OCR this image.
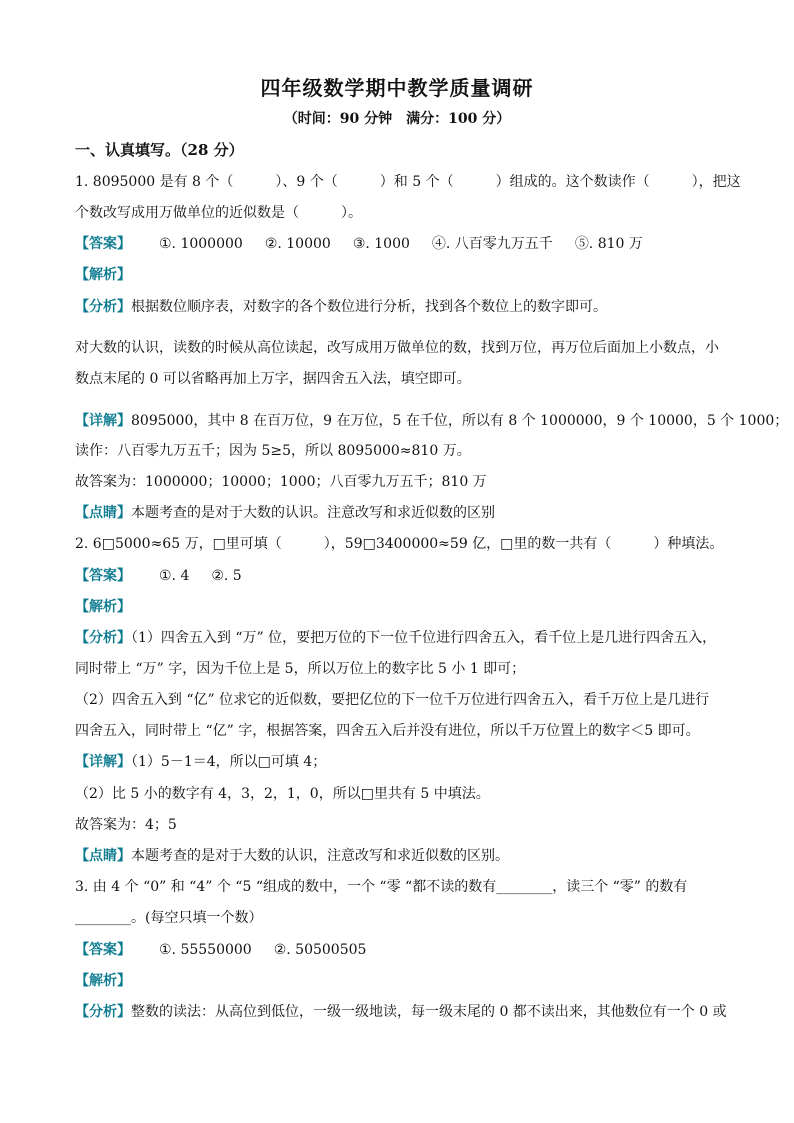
四年级数学期中教学质量调研
（时间：90 分钟　满分：100 分）
一、认真填写。（28 分）
1. 8095000 是有 8 个（　　　）、9 个（　　　）和 5 个（　　　）组成的。这个数读作（　　　），把这
个数改写成用万做单位的近似数是（　　　）。
【答案】 ①. 1000000 ②. 10000 ③. 1000 ④. 八百零九万五千 ⑤. 810 万
【解析】
【分析】根据数位顺序表，对数字的各个数位进行分析，找到各个数位上的数字即可。
对大数的认识，读数的时候从高位读起，改写成用万做单位的数，找到万位，再万位后面加上小数点，小
数点末尾的 0 可以省略再加上万字，据四舍五入法，填空即可。
【详解】8095000，其中 8 在百万位，9 在万位，5 在千位，所以有 8 个 1000000，9 个 10000，5 个 1000；
读作：八百零九万五千；因为 5≥5，所以 8095000≈810 万。
故答案为：1000000；10000；1000；八百零九万五千；810 万
【点睛】本题考查的是对于大数的认识。注意改写和求近似数的区别
2. 6□5000≈65 万，□里可填（　　　），59□3400000≈59 亿，□里的数一共有（　　　）种填法。
【答案】 ①. 4 ②. 5
【解析】
【分析】（1）四舍五入到 “万” 位，要把万位的下一位千位进行四舍五入，看千位上是几进行四舍五入，
同时带上 “万” 字，因为千位上是 5，所以万位上的数字比 5 小 1 即可；
（2）四舍五入到 “亿” 位求它的近似数，要把亿位的下一位千万位进行四舍五入，看千万位上是几进行
四舍五入，同时带上 “亿” 字，根据答案，四舍五入后并没有进位，所以千万位置上的数字＜5 即可。
【详解】（1）5－1＝4，所以□可填 4；
（2）比 5 小的数字有 4，3，2，1，0，所以□里共有 5 中填法。
故答案为：4；5
【点睛】本题考查的是对于大数的认识，注意改写和求近似数的区别。
3. 由 4 个 “0” 和 “4” 个 “5 “组成的数中，一个 “零 “都不读的数有________，读三个 “零” 的数有
________。(每空只填一个数）
【答案】 ①. 55550000 ②. 50500505
【解析】
【分析】整数的读法：从高位到低位，一级一级地读，每一级末尾的 0 都不读出来，其他数位有一个 0 或
